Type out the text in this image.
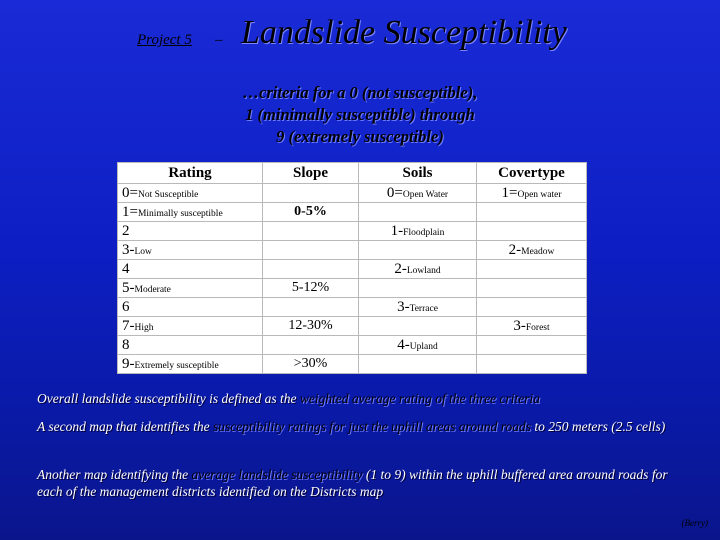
Project 5 – Landslide Susceptibility
…criteria for a 0 (not susceptible),
1 (minimally susceptible) through
9 (extremely susceptible)
Rating	Slope	Soils	Covertype
0=Not Susceptible		0=Open Water	1=Open water
1=Minimally susceptible	0-5%		
2		1-Floodplain	
3-Low			2-Meadow
4		2-Lowland	
5-Moderate	5-12%		
6		3-Terrace	
7-High	12-30%		3-Forest
8		4-Upland	
9-Extremely susceptible	>30%		
Overall landslide susceptibility is defined as the weighted average rating of the three criteria
A second map that identifies the susceptibility ratings for just the uphill areas around roads to 250 meters (2.5 cells)
Another map identifying the average landslide susceptibility (1 to 9) within the uphill buffered area around roads for each of the management districts identified on the Districts map
(Berry)
